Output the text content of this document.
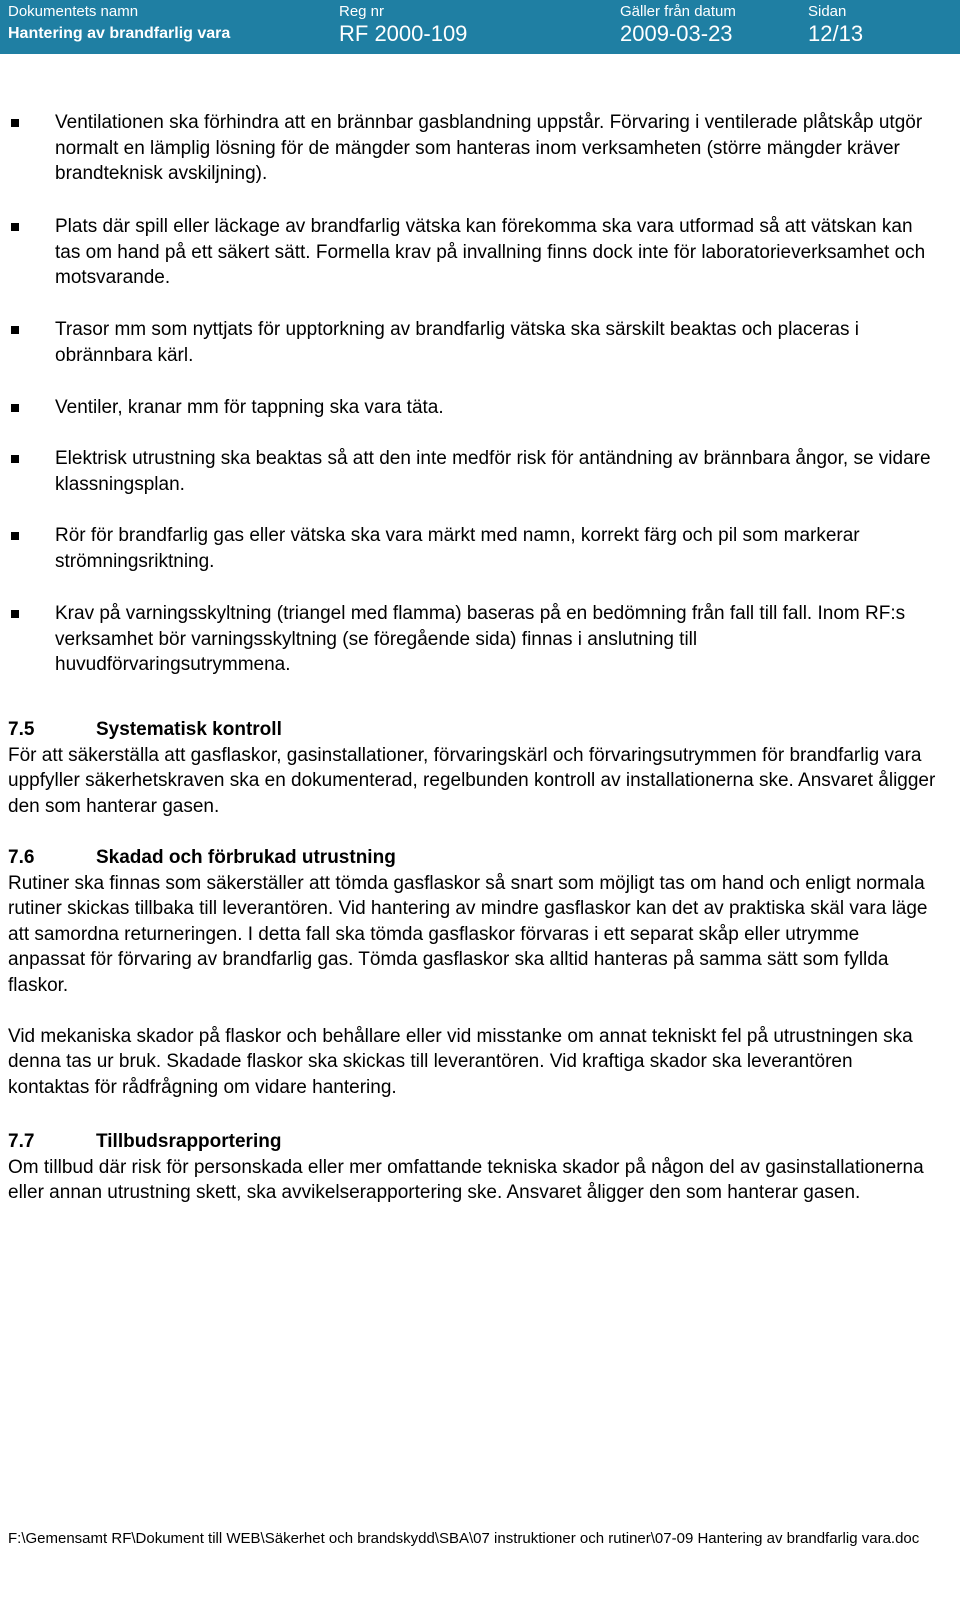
Dokumentets namn
Hantering av brandfarlig vara
Reg nr
RF 2000-109
Gäller från datum
2009-03-23
Sidan
12/13
Ventilationen ska förhindra att en brännbar gasblandning uppstår. Förvaring i ventilerade plåtskåp utgör normalt en lämplig lösning för de mängder som hanteras inom verksamheten (större mängder kräver brandteknisk avskiljning).
Plats där spill eller läckage av brandfarlig vätska kan förekomma ska vara utformad så att vätskan kan tas om hand på ett säkert sätt. Formella krav på invallning finns dock inte för laboratorieverksamhet och motsvarande.
Trasor mm som nyttjats för upptorkning av brandfarlig vätska ska särskilt beaktas och placeras i obrännbara kärl.
Ventiler, kranar mm för tappning ska vara täta.
Elektrisk utrustning ska beaktas så att den inte medför risk för antändning av brännbara ångor, se vidare klassningsplan.
Rör för brandfarlig gas eller vätska ska vara märkt med namn, korrekt färg och pil som markerar strömningsriktning.
Krav på varningsskyltning (triangel med flamma) baseras på en bedömning från fall till fall. Inom RF:s verksamhet bör varningsskyltning (se föregående sida) finnas i anslutning till huvudförvaringsutrymmena.
7.5	Systematisk kontroll

För att säkerställa att gasflaskor, gasinstallationer, förvaringskärl och förvaringsutrymmen för brandfarlig vara uppfyller säkerhetskraven ska en dokumenterad, regelbunden kontroll av installationerna ske. Ansvaret åligger den som hanterar gasen.

7.6	Skadad och förbrukad utrustning

Rutiner ska finnas som säkerställer att tömda gasflaskor så snart som möjligt tas om hand och enligt normala rutiner skickas tillbaka till leverantören. Vid hantering av mindre gasflaskor kan det av praktiska skäl vara läge att samordna returneringen. I detta fall ska tömda gasflaskor förvaras i ett separat skåp eller utrymme anpassat för förvaring av brandfarlig gas. Tömda gasflaskor ska alltid hanteras på samma sätt som fyllda flaskor.

Vid mekaniska skador på flaskor och behållare eller vid misstanke om annat tekniskt fel på utrustningen ska denna tas ur bruk. Skadade flaskor ska skickas till leverantören. Vid kraftiga skador ska leverantören kontaktas för rådfrågning om vidare hantering.

7.7	Tillbudsrapportering

Om tillbud där risk för personskada eller mer omfattande tekniska skador på någon del av gasinstallationerna eller annan utrustning skett, ska avvikelserapportering ske. Ansvaret åligger den som hanterar gasen.

F:\Gemensamt RF\Dokument till WEB\Säkerhet och brandskydd\SBA\07 instruktioner och rutiner\07-09 Hantering av brandfarlig vara.doc
